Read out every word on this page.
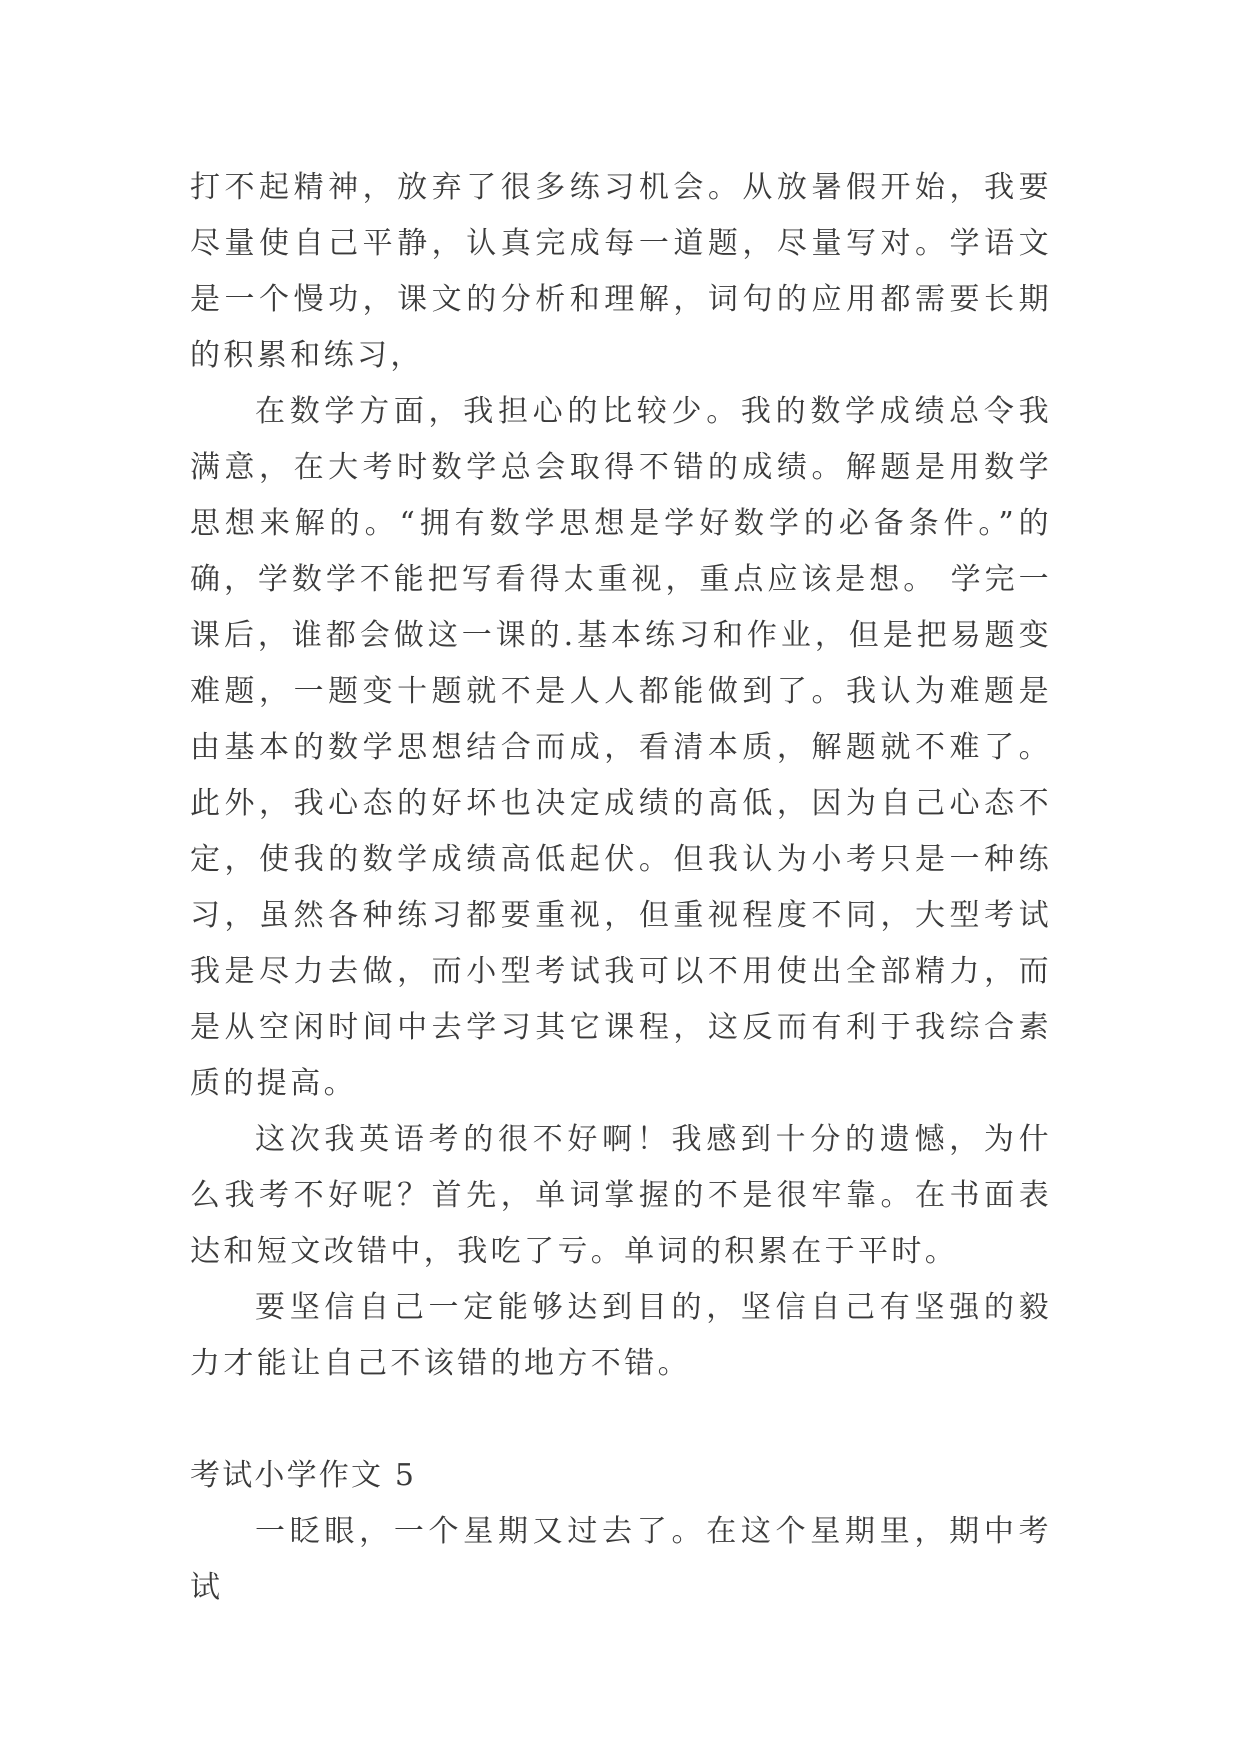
打不起精神，放弃了很多练习机会。从放暑假开始，我要尽量使自己平静，认真完成每一道题，尽量写对。学语文是一个慢功，课文的分析和理解，词句的应用都需要长期的积累和练习，

在数学方面，我担心的比较少。我的数学成绩总令我满意，在大考时数学总会取得不错的成绩。解题是用数学思想来解的。“拥有数学思想是学好数学的必备条件。”的确，学数学不能把写看得太重视，重点应该是想。 学完一课后，谁都会做这一课的.基本练习和作业，但是把易题变难题，一题变十题就不是人人都能做到了。我认为难题是由基本的数学思想结合而成，看清本质，解题就不难了。此外，我心态的好坏也决定成绩的高低，因为自己心态不定，使我的数学成绩高低起伏。但我认为小考只是一种练习，虽然各种练习都要重视，但重视程度不同，大型考试我是尽力去做，而小型考试我可以不用使出全部精力，而是从空闲时间中去学习其它课程，这反而有利于我综合素质的提高。

这次我英语考的很不好啊！我感到十分的遗憾，为什么我考不好呢？首先，单词掌握的不是很牢靠。在书面表达和短文改错中，我吃了亏。单词的积累在于平时。

要坚信自己一定能够达到目的，坚信自己有坚强的毅力才能让自己不该错的地方不错。

考试小学作文 5

一眨眼，一个星期又过去了。在这个星期里，期中考试
